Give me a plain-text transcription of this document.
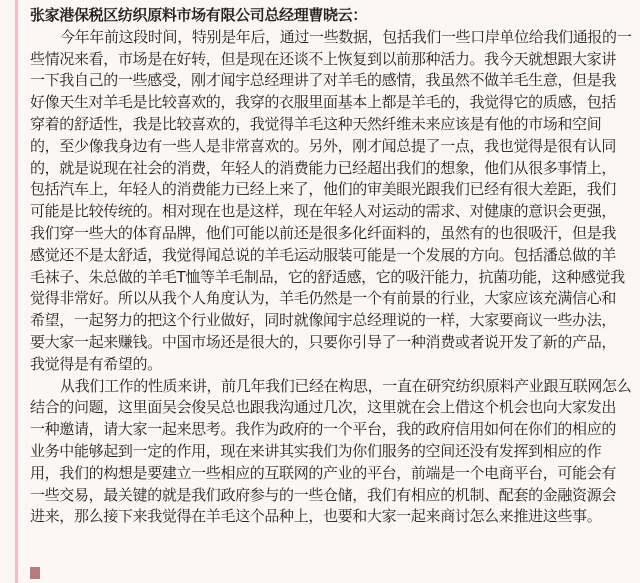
张家港保税区纺织原料市场有限公司总经理曹晓云：
今年年前这段时间，特别是年后，通过一些数据，包括我们一些口岸单位给我们通报的一
些情况来看，市场是在好转，但是现在还谈不上恢复到以前那种活力。我今天就想跟大家讲
一下我自己的一些感受，刚才闻宇总经理讲了对羊毛的感情，我虽然不做羊毛生意，但是我
好像天生对羊毛是比较喜欢的，我穿的衣服里面基本上都是羊毛的，我觉得它的质感，包括
穿着的舒适性，我是比较喜欢的，我觉得羊毛这种天然纤维未来应该是有他的市场和空间
的，至少像我身边有一些人是非常喜欢的。另外，刚才闻总提了一点，我也觉得是很有认同
的，就是说现在社会的消费，年轻人的消费能力已经超出我们的想象，他们从很多事情上，
包括汽车上，年轻人的消费能力已经上来了，他们的审美眼光跟我们已经有很大差距，我们
可能是比较传统的。相对现在也是这样，现在年轻人对运动的需求、对健康的意识会更强，
我们穿一些大的体育品牌，他们可能以前还是很多化纤面料的，虽然有的也很吸汗，但是我
感觉还不是太舒适，我觉得闻总说的羊毛运动服装可能是一个发展的方向。包括潘总做的羊
毛袜子、朱总做的羊毛T恤等羊毛制品，它的舒适感，它的吸汗能力，抗菌功能，这种感觉我
觉得非常好。所以从我个人角度认为，羊毛仍然是一个有前景的行业，大家应该充满信心和
希望，一起努力的把这个行业做好，同时就像闻宇总经理说的一样，大家要商议一些办法，
要大家一起来赚钱。中国市场还是很大的，只要你引导了一种消费或者说开发了新的产品，
我觉得是有希望的。
从我们工作的性质来讲，前几年我们已经在构思，一直在研究纺织原料产业跟互联网怎么
结合的问题，这里面吴会俊吴总也跟我沟通过几次，这里就在会上借这个机会也向大家发出
一种邀请，请大家一起来思考。我作为政府的一个平台，我的政府信用如何在你们的相应的
业务中能够起到一定的作用，现在来讲其实我们为你们服务的空间还没有发挥到相应的作
用，我们的构想是要建立一些相应的互联网的产业的平台，前端是一个电商平台，可能会有
一些交易，最关键的就是我们政府参与的一些仓储，我们有相应的机制、配套的金融资源会
进来，那么接下来我觉得在羊毛这个品种上，也要和大家一起来商讨怎么来推进这些事。
